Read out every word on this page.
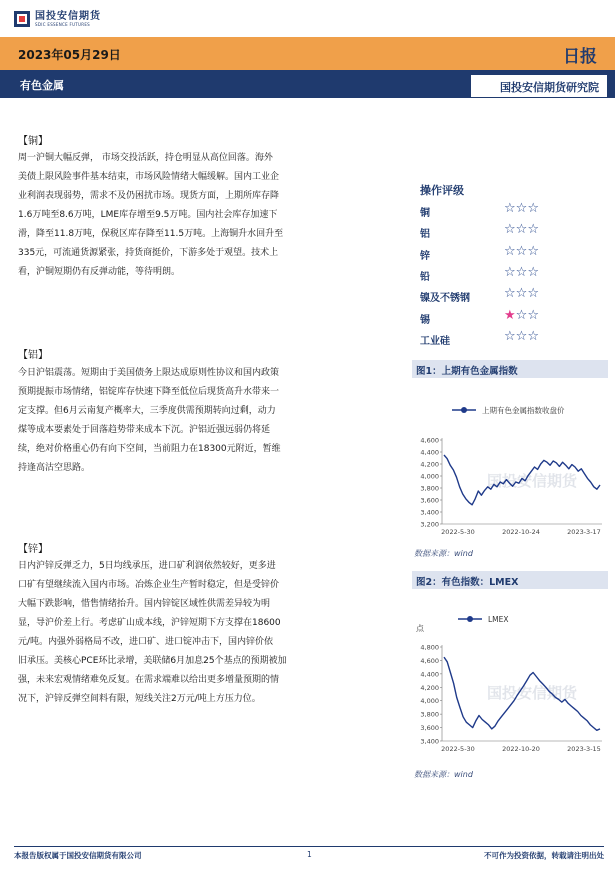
国投安信期货
SDIC ESSENCE FUTURES
2023年05月29日	日报
有色金属	国投安信期货研究院
【铜】
周一沪铜大幅反弹， 市场交投活跃，持仓明显从高位回落。海外
美债上限风险事件基本结束，市场风险情绪大幅缓解。国内工业企
业利润表现弱势，需求不及仍困扰市场。现货方面，上期所库存降
1.6万吨至8.6万吨，LME库存增至9.5万吨。国内社会库存加速下
滑，降至11.8万吨，保税区库存降至11.5万吨。上海铜升水回升至
335元，可流通货源紧张，持货商挺价，下游多处于观望。技术上
看，沪铜短期仍有反弹动能，等待明朗。
【铝】
今日沪铝震荡。短期由于美国债务上限达成原则性协议和国内政策
预期提振市场情绪，铝锭库存快速下降至低位后现货高升水带来一
定支撑。但6月云南复产概率大，三季度供需预期转向过剩，动力
煤等成本要素处于回落趋势带来成本下沉。沪铝近强远弱仍将延
续，绝对价格重心仍有向下空间，当前阻力在18300元附近，暂维
持逢高沽空思路。
【锌】
日内沪锌反弹乏力，5日均线承压，进口矿利润依然较好，更多进
口矿有望继续流入国内市场。冶炼企业生产暂时稳定，但是受锌价
大幅下跌影响，惜售情绪抬升。国内锌锭区域性供需差异较为明
显，导沪价差上行。考虑矿山成本线，沪锌短期下方支撑在18600
元/吨。内强外弱格局不改，进口矿、进口锭冲击下，国内锌价依
旧承压。美核心PCE环比录增，美联储6月加息25个基点的预期被加
强，未来宏观情绪难免反复。在需求端难以给出更多增量预期的情
况下，沪锌反弹空间料有限，短线关注2万元/吨上方压力位。
操作评级
铜	☆☆☆
铝	☆☆☆
锌	☆☆☆
铅	☆☆☆
镍及不锈钢	☆☆☆
锡	★☆☆
工业硅	☆☆☆
图1：上期有色金属指数
上期有色金属指数收盘价
4,600
4,400
4,200
4,000
3,800
3,600
3,400
3,200
2022-5-30	2022-10-24	2023-3-17
国投安信期货
数据来源：wind
图2：有色指数：LMEX
LMEX
点
4,800
4,600
4,400
4,200
4,000
3,800
3,600
3,400
2022-5-30	2022-10-20	2023-3-15
国投安信期货
数据来源：wind
本报告版权属于国投安信期货有限公司	1	不可作为投资依据，转载请注明出处
